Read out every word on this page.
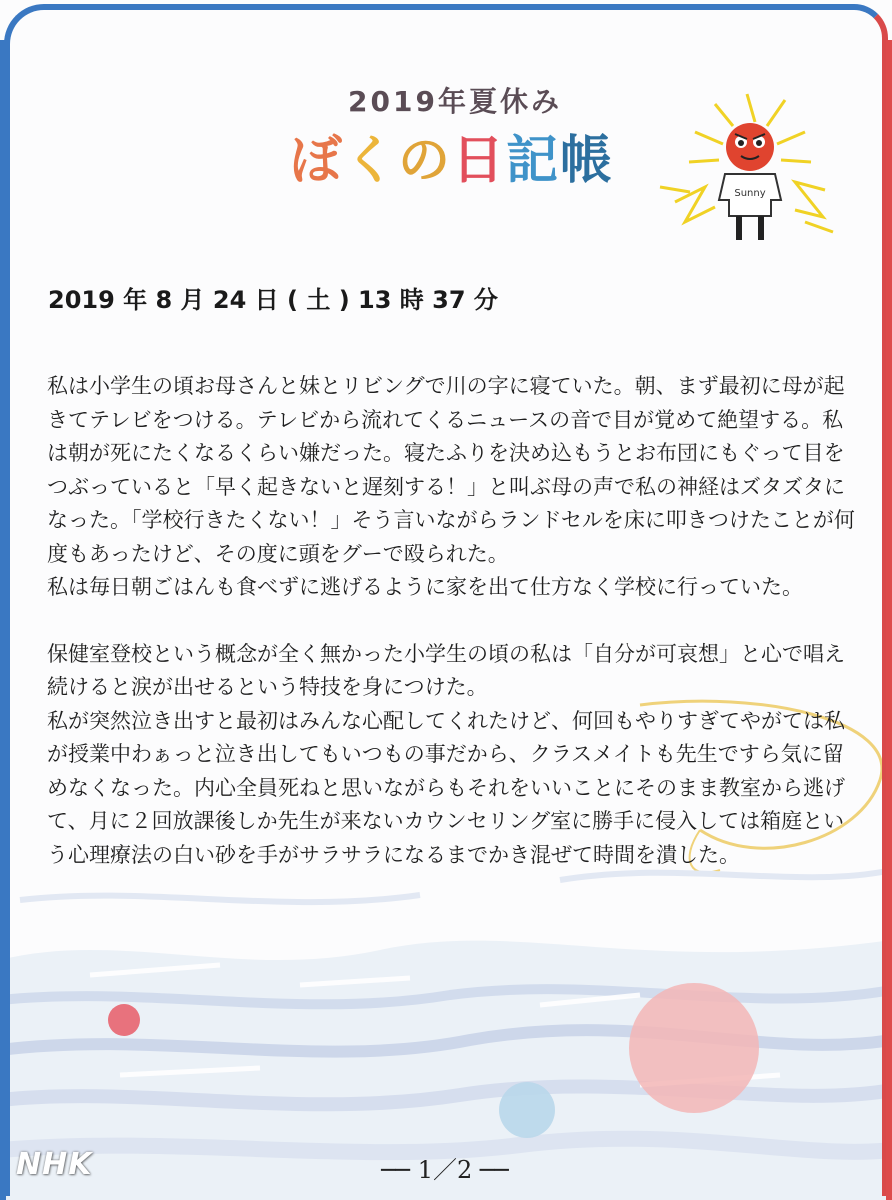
2019年夏休み
ぼくの日記帳
Sunny
2019 年 8 月 24 日 ( 土 ) 13 時 37 分

私は小学生の頃お母さんと妹とリビングで川の字に寝ていた。朝、まず最初に母が起きてテレビをつける。テレビから流れてくるニュースの音で目が覚めて絶望する。私は朝が死にたくなるくらい嫌だった。寝たふりを決め込もうとお布団にもぐって目をつぶっていると「早く起きないと遅刻する！」と叫ぶ母の声で私の神経はズタズタになった。「学校行きたくない！」そう言いながらランドセルを床に叩きつけたことが何度もあったけど、その度に頭をグーで殴られた。

私は毎日朝ごはんも食べずに逃げるように家を出て仕方なく学校に行っていた。

保健室登校という概念が全く無かった小学生の頃の私は「自分が可哀想」と心で唱え続けると涙が出せるという特技を身につけた。

私が突然泣き出すと最初はみんな心配してくれたけど、何回もやりすぎてやがては私が授業中わぁっと泣き出してもいつもの事だから、クラスメイトも先生ですら気に留めなくなった。内心全員死ねと思いながらもそれをいいことにそのまま教室から逃げて、月に２回放課後しか先生が来ないカウンセリング室に勝手に侵入しては箱庭という心理療法の白い砂を手がサラサラになるまでかき混ぜて時間を潰した。

NHK	── 1／2 ──
